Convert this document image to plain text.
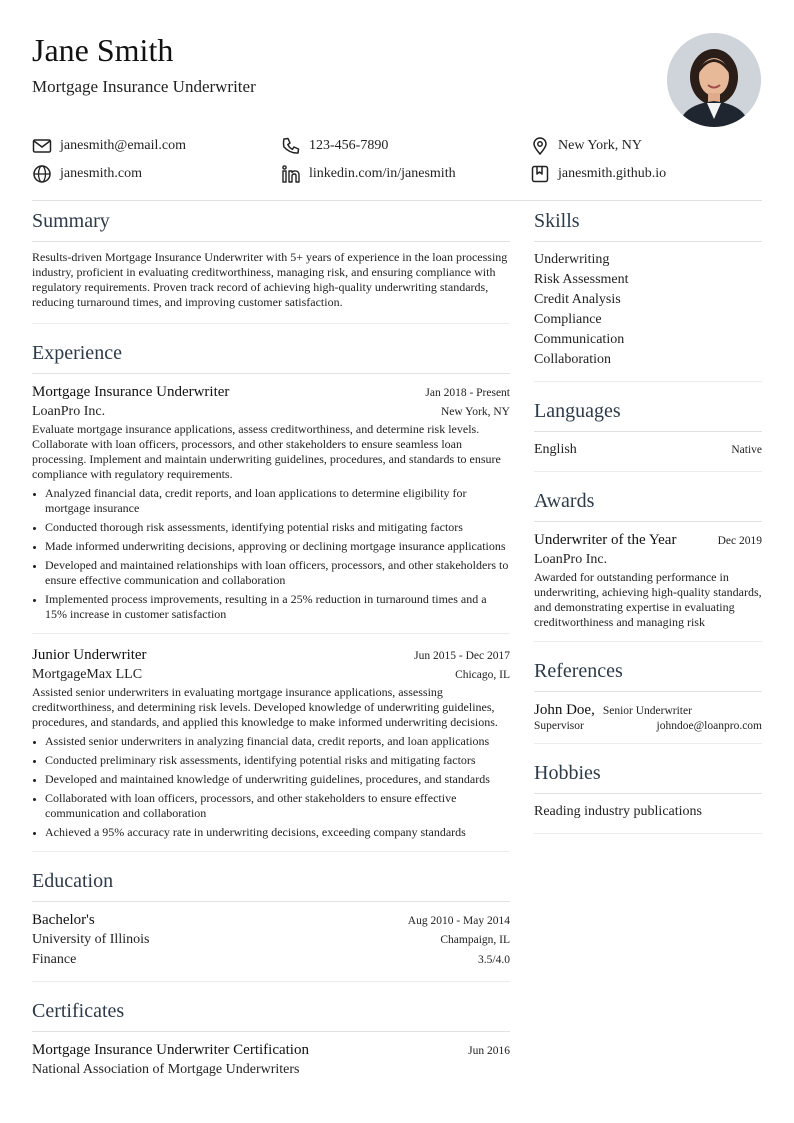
Jane Smith
Mortgage Insurance Underwriter
janesmith@email.com	123-456-7890	New York, NY
janesmith.com	linkedin.com/in/janesmith	janesmith.github.io
Summary
Results-driven Mortgage Insurance Underwriter with 5+ years of experience in the loan processing industry, proficient in evaluating creditworthiness, managing risk, and ensuring compliance with regulatory requirements. Proven track record of achieving high-quality underwriting standards, reducing turnaround times, and improving customer satisfaction.
Experience
Mortgage Insurance Underwriter	Jan 2018 - Present
LoanPro Inc.	New York, NY
Evaluate mortgage insurance applications, assess creditworthiness, and determine risk levels. Collaborate with loan officers, processors, and other stakeholders to ensure seamless loan processing. Implement and maintain underwriting guidelines, procedures, and standards to ensure compliance with regulatory requirements.
• Analyzed financial data, credit reports, and loan applications to determine eligibility for mortgage insurance
• Conducted thorough risk assessments, identifying potential risks and mitigating factors
• Made informed underwriting decisions, approving or declining mortgage insurance applications
• Developed and maintained relationships with loan officers, processors, and other stakeholders to ensure effective communication and collaboration
• Implemented process improvements, resulting in a 25% reduction in turnaround times and a 15% increase in customer satisfaction
Junior Underwriter	Jun 2015 - Dec 2017
MortgageMax LLC	Chicago, IL
Assisted senior underwriters in evaluating mortgage insurance applications, assessing creditworthiness, and determining risk levels. Developed knowledge of underwriting guidelines, procedures, and standards, and applied this knowledge to make informed underwriting decisions.
• Assisted senior underwriters in analyzing financial data, credit reports, and loan applications
• Conducted preliminary risk assessments, identifying potential risks and mitigating factors
• Developed and maintained knowledge of underwriting guidelines, procedures, and standards
• Collaborated with loan officers, processors, and other stakeholders to ensure effective communication and collaboration
• Achieved a 95% accuracy rate in underwriting decisions, exceeding company standards
Education
Bachelor's	Aug 2010 - May 2014
University of Illinois	Champaign, IL
Finance	3.5/4.0
Certificates
Mortgage Insurance Underwriter Certification	Jun 2016
National Association of Mortgage Underwriters
Skills
Underwriting
Risk Assessment
Credit Analysis
Compliance
Communication
Collaboration
Languages
English	Native
Awards
Underwriter of the Year	Dec 2019
LoanPro Inc.
Awarded for outstanding performance in underwriting, achieving high-quality standards, and demonstrating expertise in evaluating creditworthiness and managing risk
References
John Doe, Senior Underwriter
Supervisor	johndoe@loanpro.com
Hobbies
Reading industry publications
